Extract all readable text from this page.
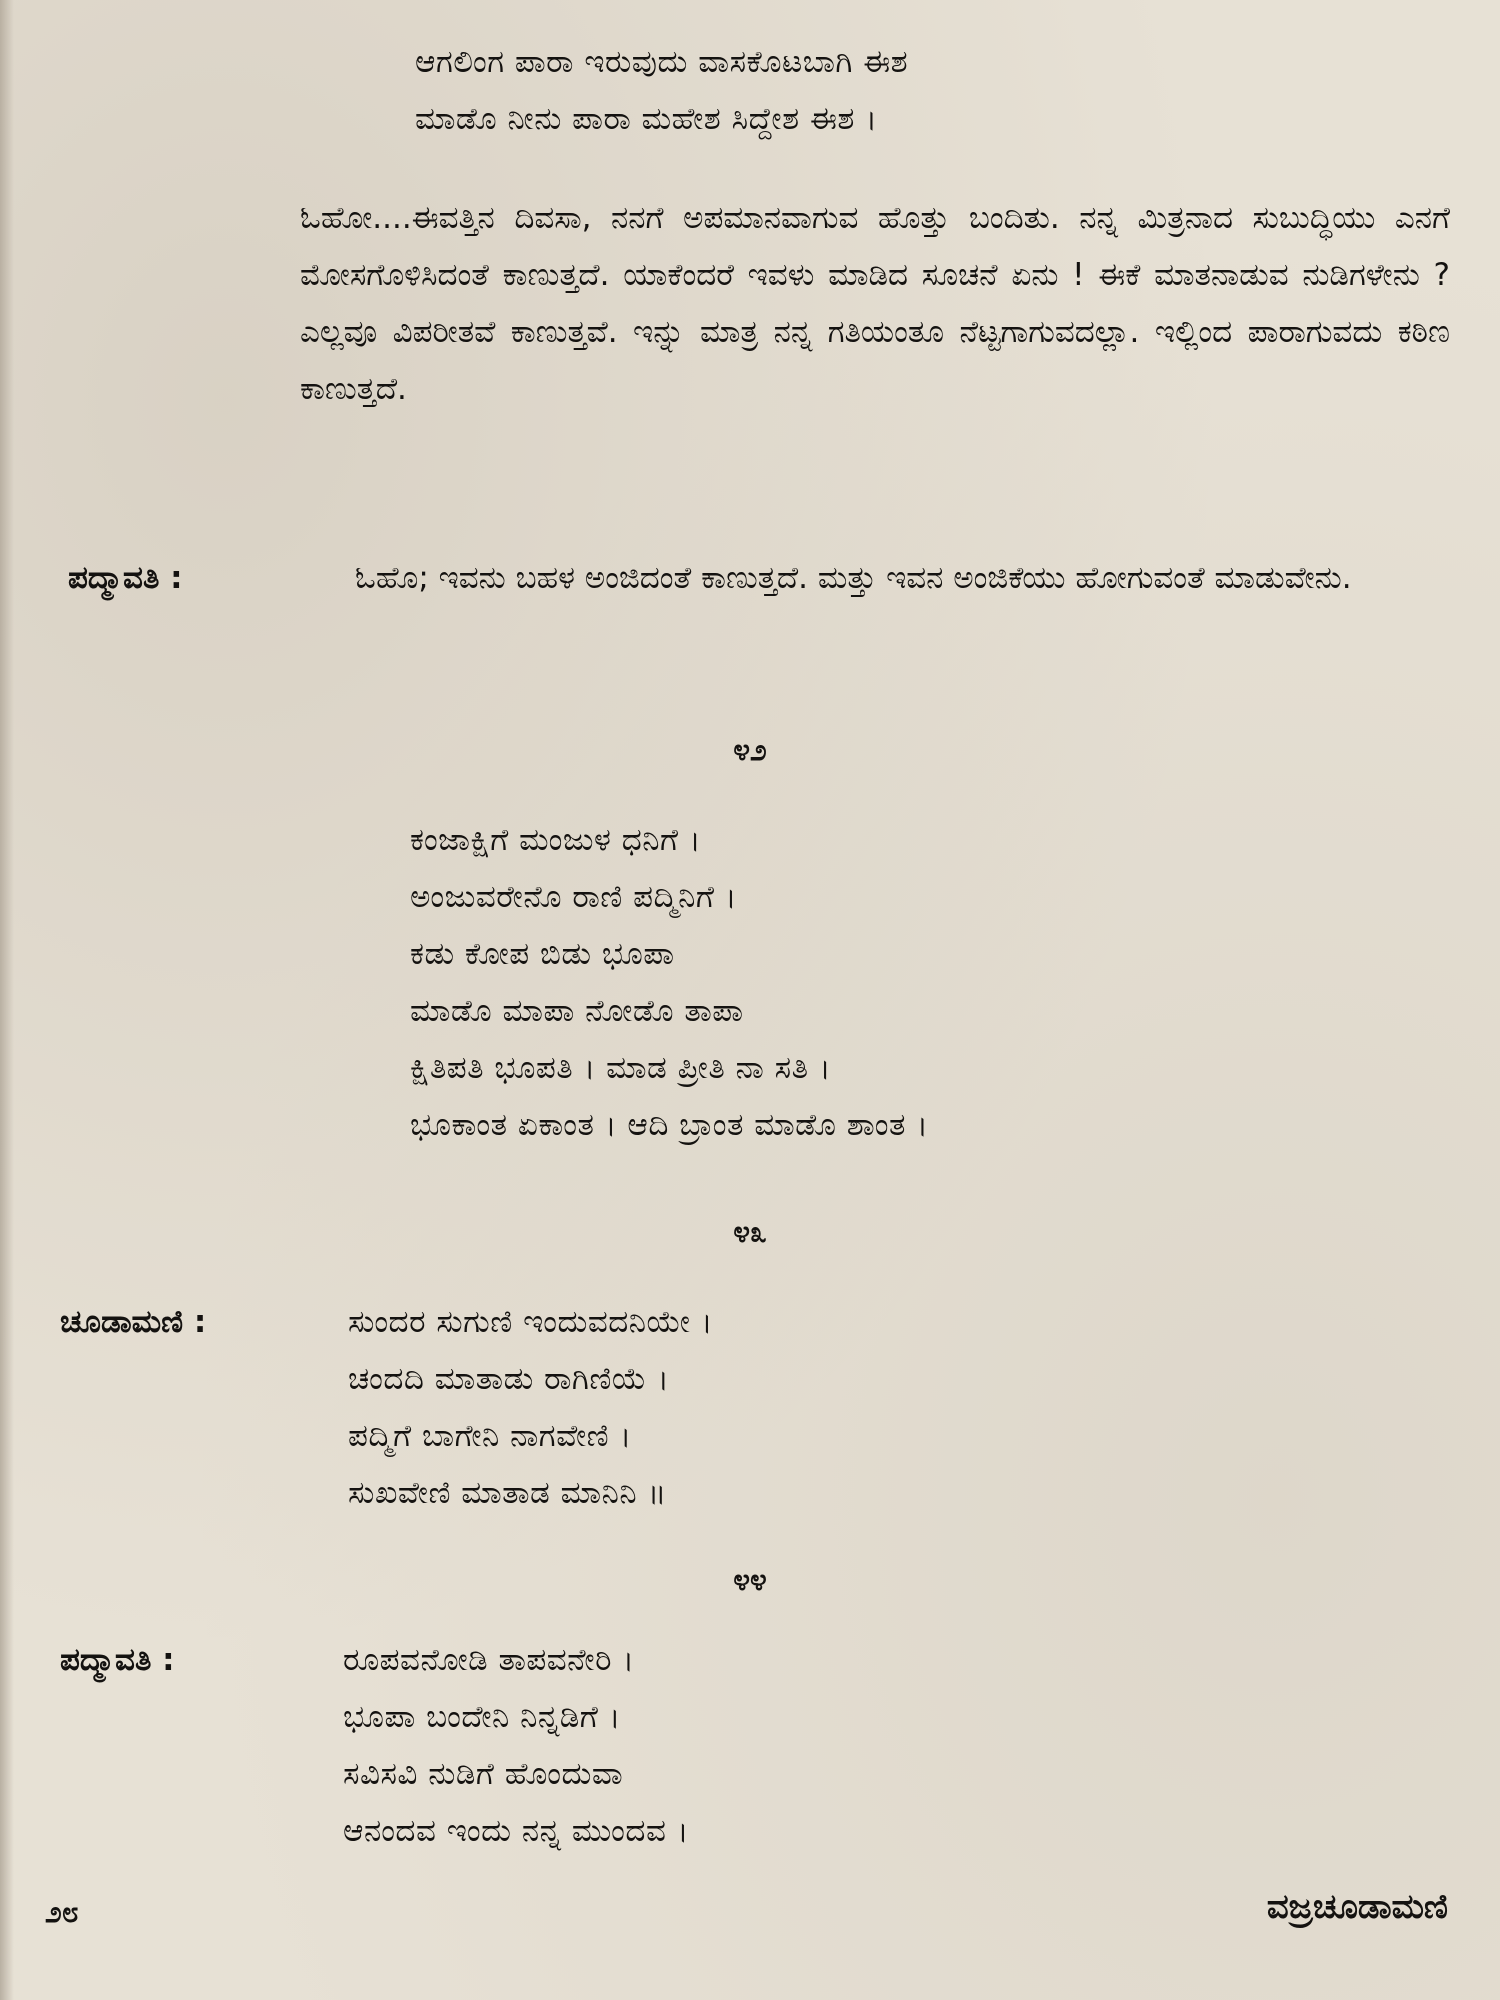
ಆಗಲಿಂಗ ಪಾರಾ ಇರುವುದು ವಾಸಕೊಟಬಾಗಿ ಈಶ
ಮಾಡೊ ನೀನು ಪಾರಾ ಮಹೇಶ ಸಿದ್ದೇಶ ಈಶ ।
ಓಹೋ....ಈವತ್ತಿನ ದಿವಸಾ, ನನಗೆ ಅಪಮಾನವಾಗುವ ಹೊತ್ತು ಬಂದಿತು. ನನ್ನ ಮಿತ್ರನಾದ ಸುಬುದ್ಧಿಯು ಎನಗೆ ಮೋಸಗೊಳಿಸಿದಂತೆ ಕಾಣುತ್ತದೆ. ಯಾಕೆಂದರೆ ಇವಳು ಮಾಡಿದ ಸೂಚನೆ ಏನು ! ಈಕೆ ಮಾತನಾಡುವ ನುಡಿಗಳೇನು ? ಎಲ್ಲವೂ ವಿಪರೀತವೆ ಕಾಣುತ್ತವೆ. ಇನ್ನು ಮಾತ್ರ ನನ್ನ ಗತಿಯಂತೂ ನೆಟ್ಟಗಾಗುವದಲ್ಲಾ. ಇಲ್ಲಿಂದ ಪಾರಾಗುವದು ಕಠಿಣ ಕಾಣುತ್ತದೆ.
ಪದ್ಮಾವತಿ :	ಓಹೊ; ಇವನು ಬಹಳ ಅಂಜಿದಂತೆ ಕಾಣುತ್ತದೆ. ಮತ್ತು ಇವನ ಅಂಜಿಕೆಯು ಹೋಗುವಂತೆ ಮಾಡುವೇನು.
೪೨
ಕಂಜಾಕ್ಷಿಗೆ ಮಂಜುಳ ಧನಿಗೆ ।
ಅಂಜುವರೇನೊ ರಾಣಿ ಪದ್ಮಿನಿಗೆ ।
ಕಡು ಕೋಪ ಬಿಡು ಭೂಪಾ
ಮಾಡೊ ಮಾಪಾ ನೋಡೊ ತಾಪಾ
ಕ್ಷಿತಿಪತಿ ಭೂಪತಿ । ಮಾಡ ಪ್ರೀತಿ ನಾ ಸತಿ ।
ಭೂಕಾಂತ ಏಕಾಂತ । ಆದಿ ಬ್ರಾಂತ ಮಾಡೊ ಶಾಂತ ।
೪೩
ಚೂಡಾಮಣಿ :	ಸುಂದರ ಸುಗುಣಿ ಇಂದುವದನಿಯೇ ।
ಚಂದದಿ ಮಾತಾಡು ರಾಗಿಣಿಯೆ ।
ಪದ್ಮಿಗೆ ಬಾಗೇನಿ ನಾಗವೇಣಿ ।
ಸುಖವೇಣಿ ಮಾತಾಡ ಮಾನಿನಿ ॥
೪೪
ಪದ್ಮಾವತಿ :	ರೂಪವನೋಡಿ ತಾಪವನೇರಿ ।
ಭೂಪಾ ಬಂದೇನಿ ನಿನ್ನಡಿಗೆ ।
ಸವಿಸವಿ ನುಡಿಗೆ ಹೊಂದುವಾ
ಆನಂದವ ಇಂದು ನನ್ನ ಮುಂದವ ।
೨೮	ವಜ್ರಚೂಡಾಮಣಿ
